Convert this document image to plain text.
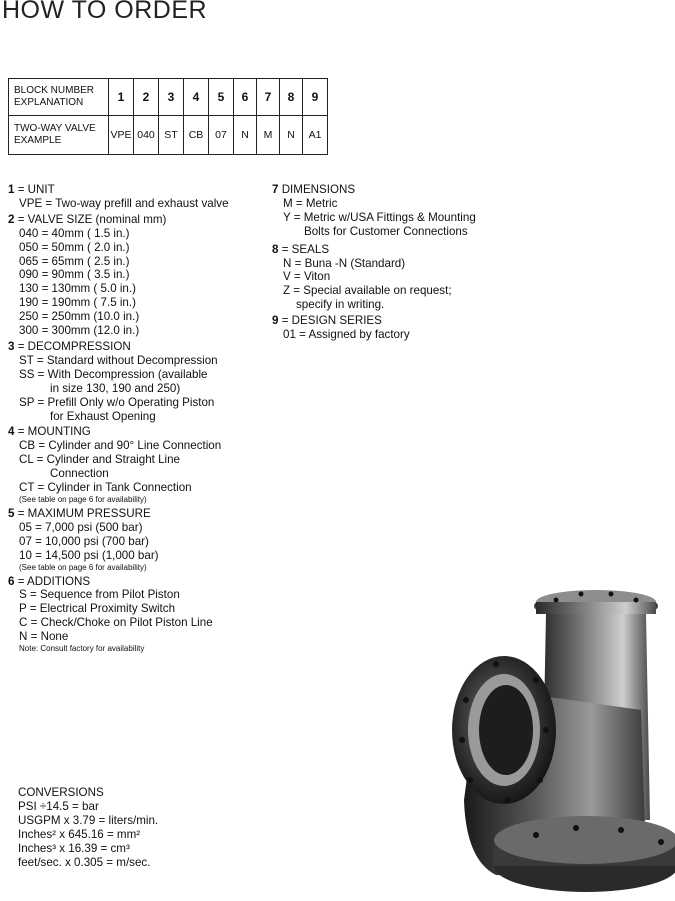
HOW TO ORDER
BLOCK NUMBER EXPLANATION	1	2	3	4	5	6	7	8	9
TWO-WAY VALVE EXAMPLE	VPE	040	ST	CB	07	N	M	N	A1
1 = UNIT
VPE = Two-way prefill and exhaust valve
2 = VALVE SIZE (nominal mm)
040 = 40mm ( 1.5 in.)
050 = 50mm ( 2.0 in.)
065 = 65mm ( 2.5 in.)
090 = 90mm ( 3.5 in.)
130 = 130mm ( 5.0 in.)
190 = 190mm ( 7.5 in.)
250 = 250mm (10.0 in.)
300 = 300mm (12.0 in.)
3 = DECOMPRESSION
ST = Standard without Decompression
SS = With Decompression (available
in size 130, 190 and 250)
SP = Prefill Only w/o Operating Piston
for Exhaust Opening
4 = MOUNTING
CB = Cylinder and 90° Line Connection
CL = Cylinder and Straight Line
Connection
CT = Cylinder in Tank Connection
(See table on page 6 for availability)
5 = MAXIMUM PRESSURE
05 = 7,000 psi (500 bar)
07 = 10,000 psi (700 bar)
10 = 14,500 psi (1,000 bar)
(See table on page 6 for availability)
6 = ADDITIONS
S = Sequence from Pilot Piston
P = Electrical Proximity Switch
C = Check/Choke on Pilot Piston Line
N = None
Note: Consult factory for availability
7 DIMENSIONS
M = Metric
Y = Metric w/USA Fittings & Mounting
Bolts for Customer Connections
8 = SEALS
N = Buna -N (Standard)
V = Viton
Z = Special available on request;
specify in writing.
9 = DESIGN SERIES
01 = Assigned by factory
CONVERSIONS
PSI ÷14.5 = bar
USGPM x 3.79 = liters/min.
Inches² x 645.16 = mm²
Inches³ x 16.39 = cm³
feet/sec. x 0.305 = m/sec.
